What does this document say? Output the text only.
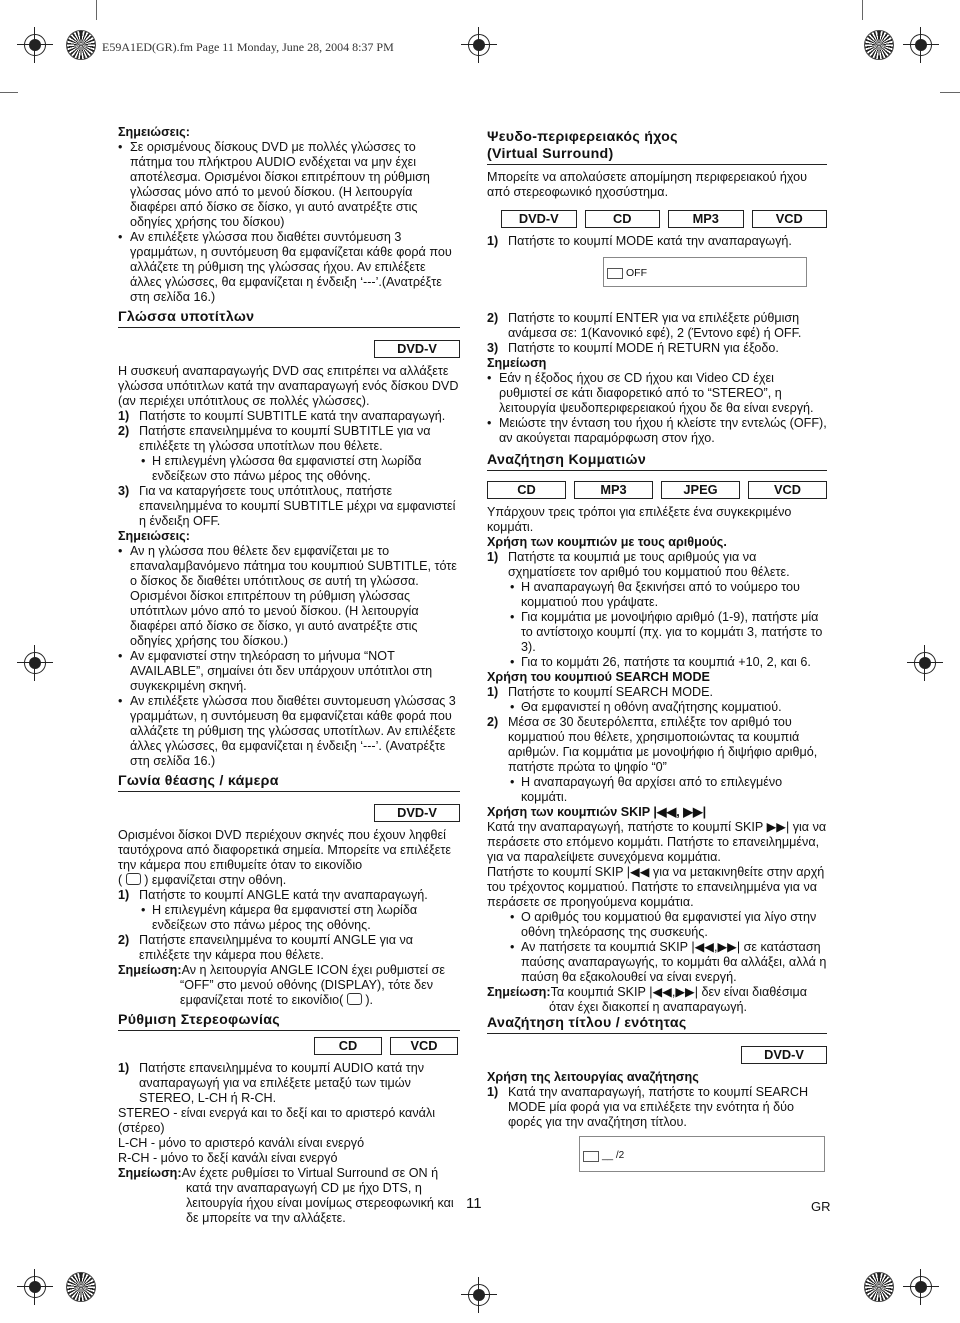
E59A1ED(GR).fm Page 11 Monday, June 28, 2004 8:37 PM

Σημειώσεις:

• Σε ορισμένους δίσκους DVD με πολλές γλώσσες το πάτημα του πλήκτρου AUDIO ενδέχεται να μην έχει αποτέλεσμα. Ορισμένοι δίσκοι επιτρέπουν τη ρύθμιση γλώσσας μόνο από το μενού δίσκου. (Η λειτουργία διαφέρει από δίσκο σε δίσκο, γι αυτό ανατρέξτε στις οδηγίες χρήσης του δίσκου)

• Αν επιλέξετε γλώσσα που διαθέτει συντόμευση 3 γραμμάτων, η συντόμευση θα εμφανίζεται κάθε φορά που αλλάζετε τη ρύθμιση της γλώσσας ήχου. Αν επιλέξετε άλλες γλώσσες, θα εμφανίζεται η ένδειξη ‘---’.(Ανατρέξτε στη σελίδα 16.)

Γλώσσα υποτίτλων
DVD-V

Η συσκευή αναπαραγωγής DVD σας επιτρέπει να αλλάξετε γλώσσα υπότιτλων κατά την αναπαραγωγή ενός δίσκου DVD (αν περιέχει υπότιτλους σε πολλές γλώσσες).

1) Πατήστε το κουμπί SUBTITLE κατά την αναπαραγωγή.

2) Πατήστε επανειλημμένα το κουμπί SUBTITLE για να επιλέξετε τη γλώσσα υποτίτλων που θέλετε.

• Η επιλεγμένη γλώσσα θα εμφανιστεί στη λωρίδα ενδείξεων στο πάνω μέρος της οθόνης.

3) Για να καταργήσετε τους υπότιτλους, πατήστε επανειλημμένα το κουμπί SUBTITLE μέχρι να εμφανιστεί η ένδειξη OFF.

Σημειώσεις:

• Αν η γλώσσα που θέλετε δεν εμφανίζεται με το επαναλαμβανόμενο πάτημα του κουμπιού SUBTITLE, τότε ο δίσκος δε διαθέτει υπότιτλους σε αυτή τη γλώσσα. Ορισμένοι δίσκοι επιτρέπουν τη ρύθμιση γλώσσας υπότιτλων μόνο από το μενού δίσκου. (Η λειτουργία διαφέρει από δίσκο σε δίσκο, γι αυτό ανατρέξτε στις οδηγίες χρήσης του δίσκου.)

• Αν εμφανιστεί στην τηλεόραση το μήνυμα “NOT AVAILABLE”, σημαίνει ότι δεν υπάρχουν υπότιτλοι στη συγκεκριμένη σκηνή.

• Αν επιλέξετε γλώσσα που διαθέτει συντομευση γλώσσας 3 γραμμάτων, η συντόμευση θα εμφανίζεται κάθε φορά που αλλάζετε τη ρύθμιση της γλώσσας υποτίτλων. Αν επιλέξετε άλλες γλώσσες, θα εμφανίζεται η ένδειξη ‘---’. (Ανατρέξτε στη σελίδα 16.)

Γωνία θέασης / κάμερα
DVD-V

Ορισμένοι δίσκοι DVD περιέχουν σκηνές που έχουν ληφθεί ταυτόχρονα από διαφορετικά σημεία. Μπορείτε να επιλέξετε την κάμερα που επιθυμείτε όταν το εικονίδιο

(  ) εμφανίζεται στην οθόνη.

1) Πατήστε το κουμπί ANGLE κατά την αναπαραγωγή.

• Η επιλεγμένη κάμερα θα εμφανιστεί στη λωρίδα ενδείξεων στο πάνω μέρος της οθόνης.

2) Πατήστε επανειλημμένα το κουμπί ANGLE για να επιλέξετε την κάμερα που θέλετε.

Σημείωση:Αν η λειτουργία ANGLE ICON έχει ρυθμιστεί σε “OFF” στο μενού οθόνης (DISPLAY), τότε δεν εμφανίζεται ποτέ το εικονίδιο( ).

Ρύθμιση Στερεοφωνίας
CD	VCD

1) Πατήστε επανειλημμένα το κουμπί AUDIO κατά την αναπαραγωγή για να επιλέξετε μεταξύ των τιμών STEREO, L-CH ή R-CH.

STEREO - είναι ενεργά και το δεξί και το αριστερό κανάλι (στέρεο)

L-CH - μόνο το αριστερό κανάλι είναι ενεργό

R-CH - μόνο το δεξί κανάλι είναι ενεργό

Σημείωση:Αν έχετε ρυθμίσει το Virtual Surround σε ON ή κατά την αναπαραγωγή CD με ήχο DTS, η λειτουργία ήχου είναι μονίμως στερεοφωνική και δε μπορείτε να την αλλάξετε.

Ψευδο-περιφερειακός ήχος
(Virtual Surround)

Μπορείτε να απολαύσετε απομίμηση περιφερειακού ήχου από στερεοφωνικό ηχοσύστημα.

DVD-V	CD	MP3	VCD

1) Πατήστε το κουμπί MODE κατά την αναπαραγωγή.

OFF

2) Πατήστε το κουμπί ENTER για να επιλέξετε ρύθμιση ανάμεσα σε: 1(Κανονικό εφέ), 2 (Έντονο εφέ) ή OFF.

3) Πατήστε το κουμπί MODE ή RETURN για έξοδο.

Σημείωση

• Εάν η έξοδος ήχου σε CD ήχου και Video CD έχει ρυθμιστεί σε κάτι διαφορετικό από το “STEREO”, η λειτουργία ψευδοπεριφερειακού ήχου δε θα είναι ενεργή.

• Μειώστε την ένταση του ήχου ή κλείστε την εντελώς (OFF), αν ακούγεται παραμόρφωση στον ήχο.

Αναζήτηση Κομματιών
CD	MP3	JPEG	VCD

Υπάρχουν τρεις τρόποι για επιλέξετε ένα συγκεκριμένο κομμάτι.

Χρήση των κουμπιών με τους αριθμούς.

1) Πατήστε τα κουμπιά με τους αριθμούς για να σχηματίσετε τον αριθμό του κομματιού που θέλετε.

• Η αναπαραγωγή θα ξεκινήσει από το νούμερο του κομματιού που γράψατε.

• Για κομμάτια με μονοψήφιο αριθμό (1-9), πατήστε μία το αντίστοιχο κουμπί (πχ. για το κομμάτι 3, πατήστε το 3).

• Για το κομμάτι 26, πατήστε τα κουμπιά +10, 2, και 6.

Χρήση του κουμπιού SEARCH MODE

1) Πατήστε το κουμπί SEARCH MODE.

• Θα εμφανιστεί η οθόνη αναζήτησης κομματιού.

2) Μέσα σε 30 δευτερόλεπτα, επιλέξτε τον αριθμό του κομματιού που θέλετε, χρησιμοποιώντας τα κουμπιά αριθμών. Για κομμάτια με μονοψήφιο ή διψήφιο αριθμό, πατήστε πρώτα το ψηφίο “0”

• Η αναπαραγωγή θα αρχίσει από το επιλεγμένο κομμάτι.

Χρήση των κουμπιών SKIP |◀◀, ▶▶|

Κατά την αναπαραγωγή, πατήστε το κουμπί SKIP ▶▶| για να περάσετε στο επόμενο κομμάτι. Πατήστε το επανειλημμένα, για να παραλείψετε συνεχόμενα κομμάτια.

Πατήστε το κουμπί SKIP |◀◀ για να μετακινηθείτε στην αρχή του τρέχοντος κομματιού. Πατήστε το επανειλημμένα για να περάσετε σε προηγούμενα κομμάτια.

• Ο αριθμός του κομματιού θα εμφανιστεί για λίγο στην οθόνη τηλεόρασης της συσκευής.

• Αν πατήσετε τα κουμπιά SKIP |◀◀,▶▶| σε κατάσταση παύσης αναπαραγωγής, το κομμάτι θα αλλάξει, αλλά η παύση θα εξακολουθεί να είναι ενεργή.

Σημείωση:Τα κουμπιά SKIP |◀◀,▶▶| δεν είναι διαθέσιμα όταν έχει διακοπεί η αναπαραγωγή.

Αναζήτηση τίτλου / ενότητας
DVD-V

Χρήση της λειτουργίας αναζήτησης

1) Κατά την αναπαραγωγή, πατήστε το κουμπί SEARCH MODE μία φορά για να επιλέξετε την ενότητα ή δύο φορές για την αναζήτηση τίτλου.

__ /2
11	GR
